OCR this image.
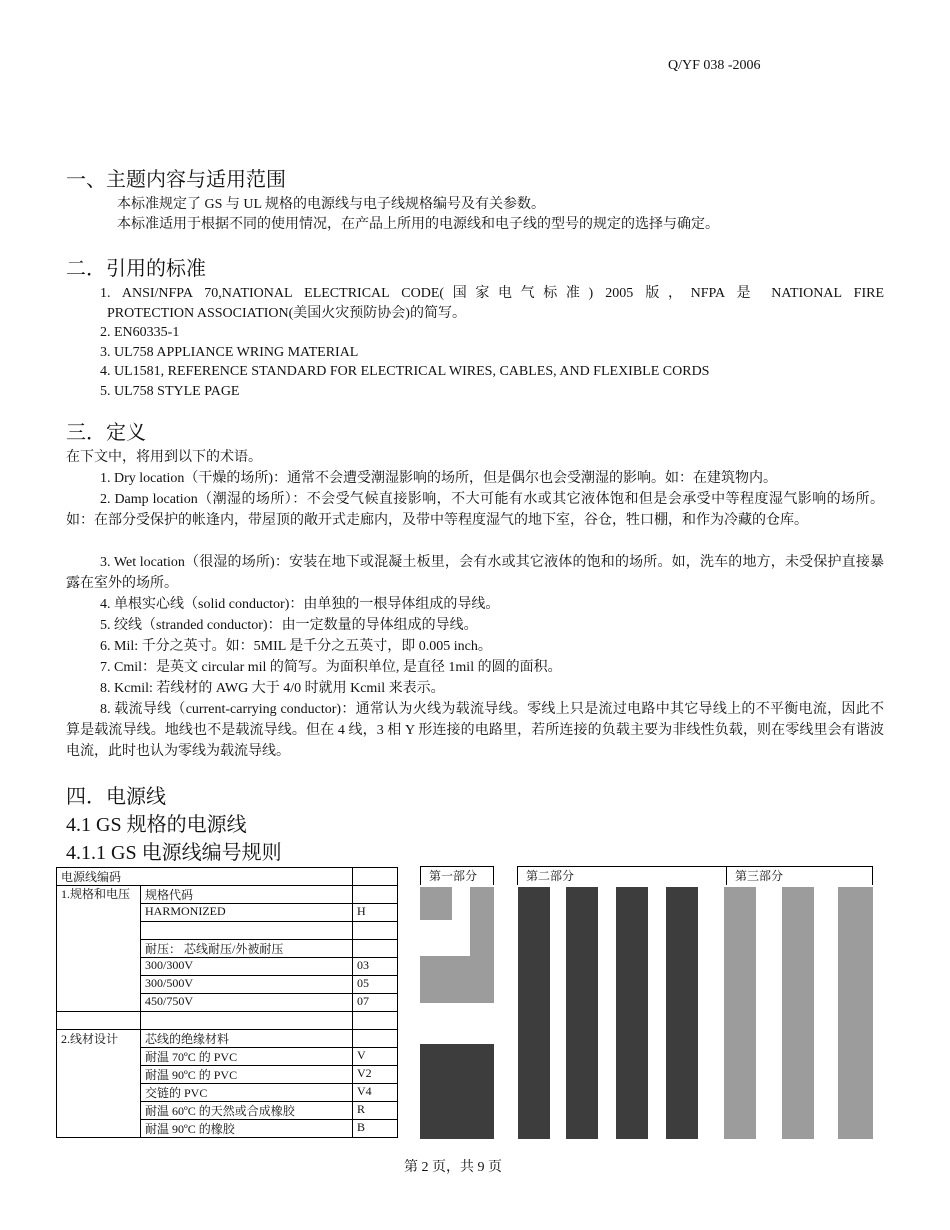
Q/YF 038 -2006
一、主题内容与适用范围
本标准规定了 GS 与 UL 规格的电源线与电子线规格编号及有关参数。
本标准适用于根据不同的使用情况，在产品上所用的电源线和电子线的型号的规定的选择与确定。
二．引用的标准
1. ANSI/NFPA 70,NATIONAL ELECTRICAL CODE(国家电气标准) 2005 版，NFPA 是 NATIONAL FIRE
PROTECTION ASSOCIATION(美国火灾预防协会)的简写。
2. EN60335-1
3. UL758 APPLIANCE WRING MATERIAL
4. UL1581, REFERENCE STANDARD FOR ELECTRICAL WIRES, CABLES, AND FLEXIBLE CORDS
5. UL758 STYLE PAGE
三．定义
在下文中，将用到以下的术语。
1. Dry location（干燥的场所)：通常不会遭受潮湿影响的场所，但是偶尔也会受潮湿的影响。如：在建筑物内。
2. Damp location（潮湿的场所）：不会受气候直接影响，不大可能有水或其它液体饱和但是会承受中等程度湿气影响的场所。如：在部分受保护的帐逢内，带屋顶的敞开式走廊内，及带中等程度湿气的地下室，谷仓，牲口棚，和作为冷藏的仓库。
3. Wet location（很湿的场所)：安装在地下或混凝土板里，会有水或其它液体的饱和的场所。如，洗车的地方，未受保护直接暴露在室外的场所。
4. 单根实心线（solid conductor)：由单独的一根导体组成的导线。
5. 绞线（stranded conductor)：由一定数量的导体组成的导线。
6. Mil: 千分之英寸。如：5MIL 是千分之五英寸，即 0.005 inch。
7. Cmil：是英文 circular mil 的简写。为面积单位, 是直径 1mil 的圆的面积。
8. Kcmil: 若线材的 AWG 大于 4/0 时就用 Kcmil 来表示。
8. 载流导线（current-carrying conductor)：通常认为火线为载流导线。零线上只是流过电路中其它导线上的不平衡电流，因此不算是载流导线。地线也不是载流导线。但在 4 线，3 相 Y 形连接的电路里，若所连接的负载主要为非线性负载，则在零线里会有谐波电流，此时也认为零线为载流导线。
四．电源线
4.1 GS 规格的电源线
4.1.1 GS 电源线编号规则
电源线编码		
1.规格和电压	规格代码	
	HARMONIZED	H

	耐压： 芯线耐压/外被耐压	
	300/300V	03
	300/500V	05
	450/750V	07

2.线材设计	芯线的绝缘材料	
	耐温 70ºC 的 PVC	V
	耐温 90ºC 的 PVC	V2
	交链的 PVC	V4
	耐温 60ºC 的天然或合成橡胶	R
	耐温 90ºC 的橡胶	B
第一部分	第二部分	第三部分
第 2 页，共 9 页
